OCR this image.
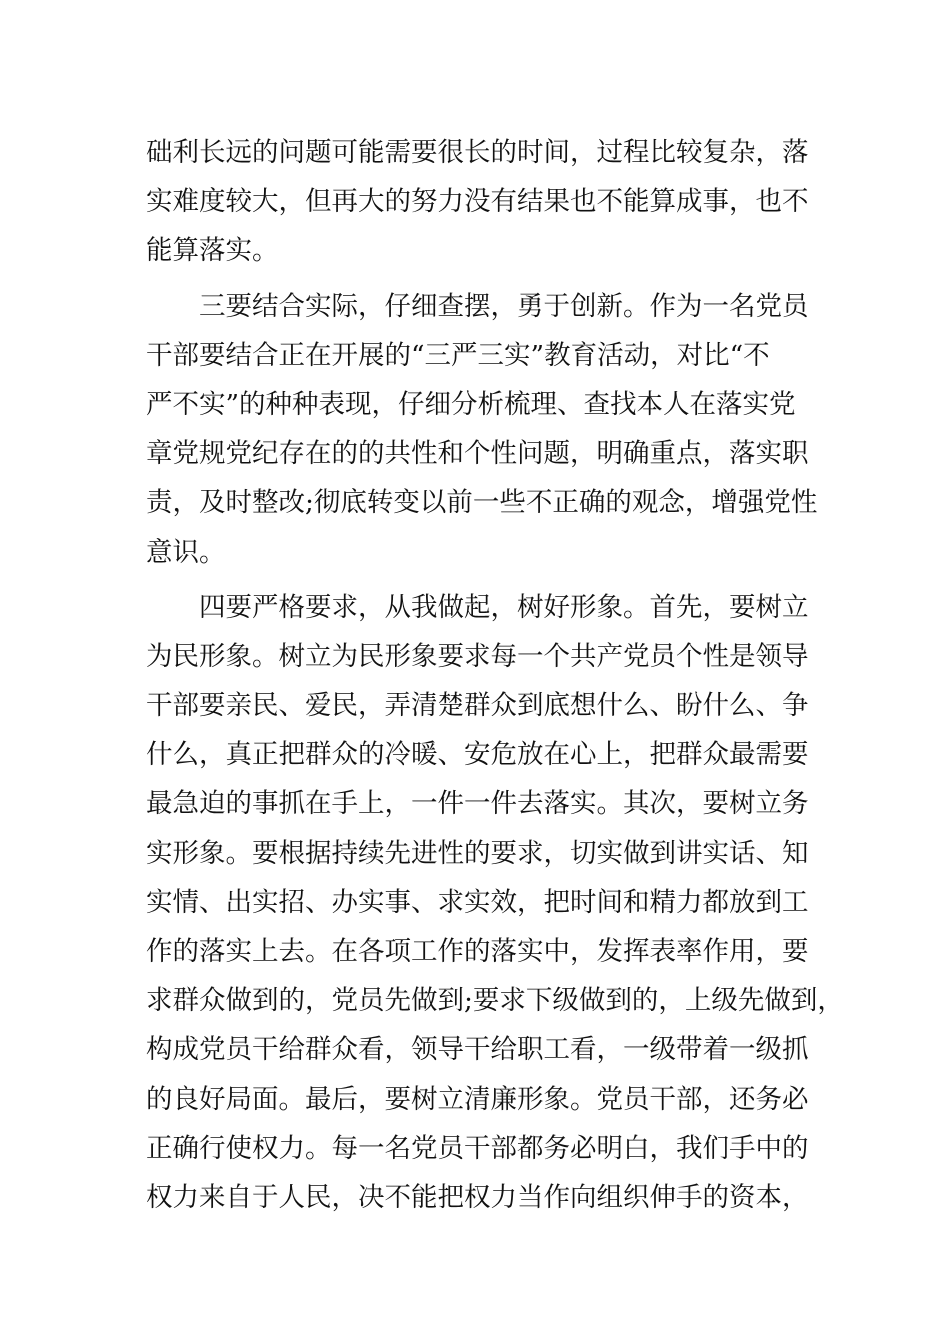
础利长远的问题可能需要很长的时间，过程比较复杂，落
实难度较大，但再大的努力没有结果也不能算成事，也不
能算落实。
　　三要结合实际，仔细查摆，勇于创新。作为一名党员
干部要结合正在开展的“三严三实”教育活动，对比“不
严不实”的种种表现，仔细分析梳理、查找本人在落实党
章党规党纪存在的的共性和个性问题，明确重点，落实职
责，及时整改;彻底转变以前一些不正确的观念，增强党性
意识。
　　四要严格要求，从我做起，树好形象。首先，要树立
为民形象。树立为民形象要求每一个共产党员个性是领导
干部要亲民、爱民，弄清楚群众到底想什么、盼什么、争
什么，真正把群众的冷暖、安危放在心上，把群众最需要
最急迫的事抓在手上，一件一件去落实。其次，要树立务
实形象。要根据持续先进性的要求，切实做到讲实话、知
实情、出实招、办实事、求实效，把时间和精力都放到工
作的落实上去。在各项工作的落实中，发挥表率作用，要
求群众做到的，党员先做到;要求下级做到的，上级先做到，
构成党员干给群众看，领导干给职工看，一级带着一级抓
的良好局面。最后，要树立清廉形象。党员干部，还务必
正确行使权力。每一名党员干部都务必明白，我们手中的
权力来自于人民，决不能把权力当作向组织伸手的资本，
